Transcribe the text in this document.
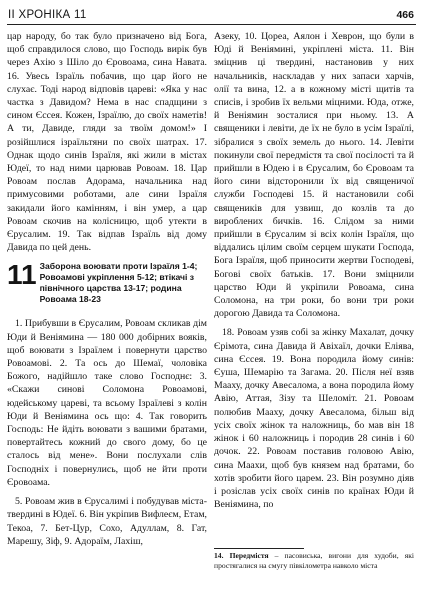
II ХРОНІКА 11	466

цар народу, бо так було призначено від Бога, щоб справдилося слово, що Господь вирік був через Ахію з Шіло до Єровоама, сина Навата. 16. Увесь Ізраїль побачив, що цар його не слухає. Тоді народ відповів цареві: «Яка у нас частка з Давидом? Нема в нас спадщини з сином Єссея. Кожен, Ізраїлю, до своїх наметів! А ти, Давиде, гляди за твоїм домом!» І розійшлися ізраїльтяни по своїх шатрах. 17. Однак щодо синів Ізраїля, які жили в містах Юдеї, то над ними царював Ровоам. 18. Цар Ровоам послав Адорама, начальника над примусовими роботами, але сини Ізраїля закидали його камінням, і він умер, а цар Ровоам скочив на колісницю, щоб утекти в Єрусалим. 19. Так відпав Ізраїль від дому Давида по цей день.

11 Заборона воювати проти Ізраїля 1-4; Ровоамові укріплення 5-12; втікачі з північного царства 13-17; родина Ровоама 18-23

1. Прибувши в Єрусалим, Ровоам скликав дім Юди й Веніямина — 180 000 добірних вояків, щоб воювати з Ізраїлем і повернути царство Ровоамові. 2. Та ось до Шемаї, чоловіка Божого, надійшло таке слово Господнє: 3. «Скажи синові Соломона Ровоамові, юдейському цареві, та всьому Ізраїлеві з колін Юди й Веніямина ось що: 4. Так говорить Господь: Не йдіть воювати з вашими братами, повертайтесь кожний до свого дому, бо це сталось від мене». Вони послухали слів Господніх і повернулись, щоб не йти проти Єровоама.

5. Ровоам жив в Єрусалимі і побудував міста-твердині в Юдеї. 6. Він укріпив Вифлеєм, Етам, Текоа, 7. Бет-Цур, Сохо, Адуллам, 8. Гат, Марешу, Зіф, 9. Адораїм, Лахіш,

Азеку, 10. Цореа, Аялон і Хеврон, що були в Юді й Веніямині, укріплені міста. 11. Він зміцнив ці твердині, настановив у них начальників, наскладав у них запаси харчів, олії та вина, 12. а в кожному місті щитів та списів, і зробив їх вельми міцними. Юда, отже, й Веніямин зосталися при ньому. 13. А священики і левіти, де їх не було в усім Ізраїлі, зібралися з своїх земель до нього. 14. Левіти покинули свої передмістя та свої посілості та й прийшли в Юдею і в Єрусалим, бо Єровоам та його сини відсторонили їх від священичої служби Господеві 15. й настановили собі священиків для узвиш, до козлів та до вироблених бичків. 16. Слідом за ними прийшли в Єрусалим зі всіх колін Ізраїля, що віддались цілим своїм серцем шукати Господа, Бога Ізраїля, щоб приносити жертви Господеві, Богові своїх батьків. 17. Вони зміцнили царство Юди й укріпили Ровоама, сина Соломона, на три роки, бо вони три роки дорогою Давида та Соломона.

18. Ровоам узяв собі за жінку Махалат, дочку Єрімота, сина Давида й Авіхаїл, дочки Еліява, сина Єссея. 19. Вона породила йому синів: Єуша, Шемарію та Загама. 20. Після неї взяв Мааху, дочку Авесалома, а вона породила йому Авію, Аттая, Зізу та Шеломіт. 21. Ровоам полюбив Мааху, дочку Авесалома, більш від усіх своїх жінок та наложниць, бо мав він 18 жінок і 60 наложниць і породив 28 синів і 60 дочок. 22. Ровоам поставив головою Авію, сина Маахи, щоб був князем над братами, бо хотів зробити його царем. 23. Він розумно діяв і розіслав усіх своїх синів по країнах Юди й Веніямина, по

14. Передмістя – пасовиська, вигони для худоби, які простягалися на смугу півкілометра навколо міста
